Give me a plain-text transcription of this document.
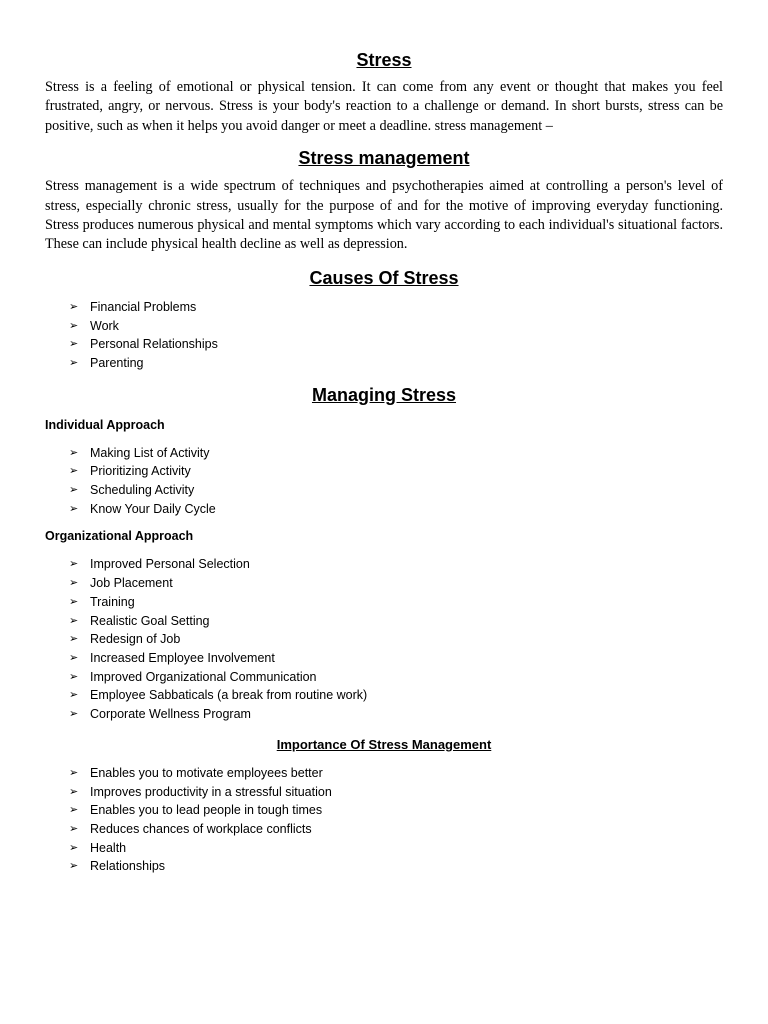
Stress

Stress is a feeling of emotional or physical tension. It can come from any event or thought that makes you feel frustrated, angry, or nervous. Stress is your body's reaction to a challenge or demand. In short bursts, stress can be positive, such as when it helps you avoid danger or meet a deadline. stress management –

Stress management

Stress management is a wide spectrum of techniques and psychotherapies aimed at controlling a person's level of stress, especially chronic stress, usually for the purpose of and for the motive of improving everyday functioning. Stress produces numerous physical and mental symptoms which vary according to each individual's situational factors. These can include physical health decline as well as depression.

Causes Of Stress
➢ Financial Problems
➢ Work
➢ Personal Relationships
➢ Parenting
Managing Stress
Individual Approach
➢ Making List of Activity
➢ Prioritizing Activity
➢ Scheduling Activity
➢ Know Your Daily Cycle
Organizational Approach
➢ Improved Personal Selection
➢ Job Placement
➢ Training
➢ Realistic Goal Setting
➢ Redesign of Job
➢ Increased Employee Involvement
➢ Improved Organizational Communication
➢ Employee Sabbaticals (a break from routine work)
➢ Corporate Wellness Program
Importance Of Stress Management
➢ Enables you to motivate employees better
➢ Improves productivity in a stressful situation
➢ Enables you to lead people in tough times
➢ Reduces chances of workplace conflicts
➢ Health
➢ Relationships
